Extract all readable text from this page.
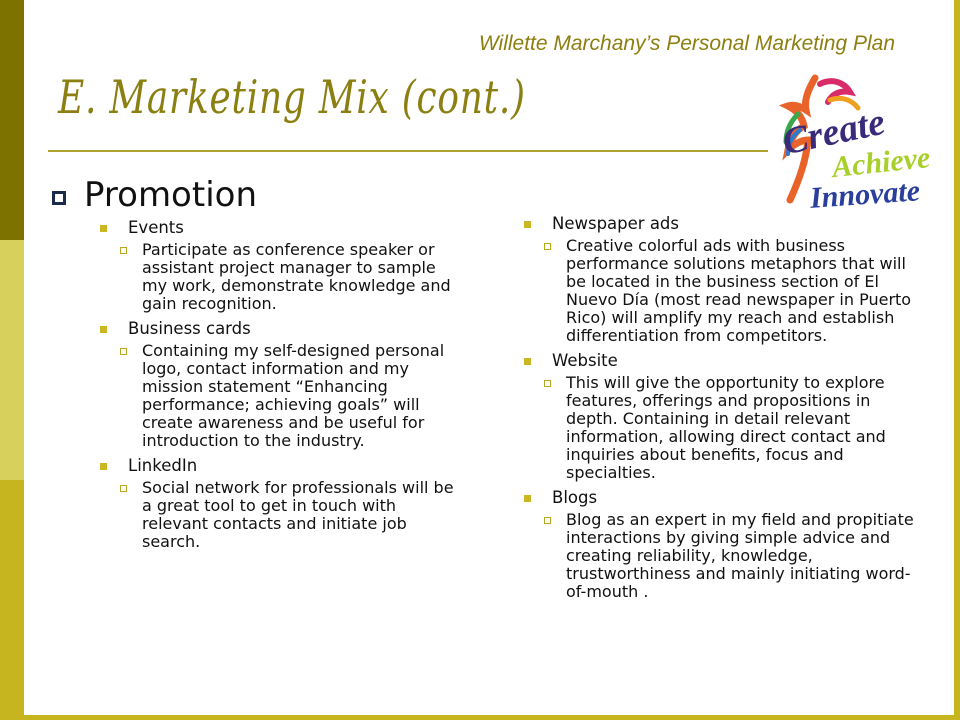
Willette Marchany’s Personal Marketing Plan
E. Marketing Mix (cont.)
Create
Achieve
Innovate
Promotion
Events
Participate as conference speaker or assistant project manager to sample my work, demonstrate knowledge and gain recognition.
Business cards
Containing my self-designed personal logo, contact information and my mission statement “Enhancing performance; achieving goals” will create awareness and be useful for introduction to the industry.
LinkedIn
Social network for professionals will be a great tool to get in touch with relevant contacts and initiate job search.
Newspaper ads
Creative colorful ads with business performance solutions metaphors that will be located in the business section of El Nuevo Día (most read newspaper in Puerto Rico) will amplify my reach and establish differentiation from competitors.
Website
This will give the opportunity to explore features, offerings and propositions in depth. Containing in detail relevant information, allowing direct contact and inquiries about benefits, focus and specialties.
Blogs
Blog as an expert in my field and propitiate interactions by giving simple advice and creating reliability, knowledge, trustworthiness and mainly initiating word-of-mouth .
